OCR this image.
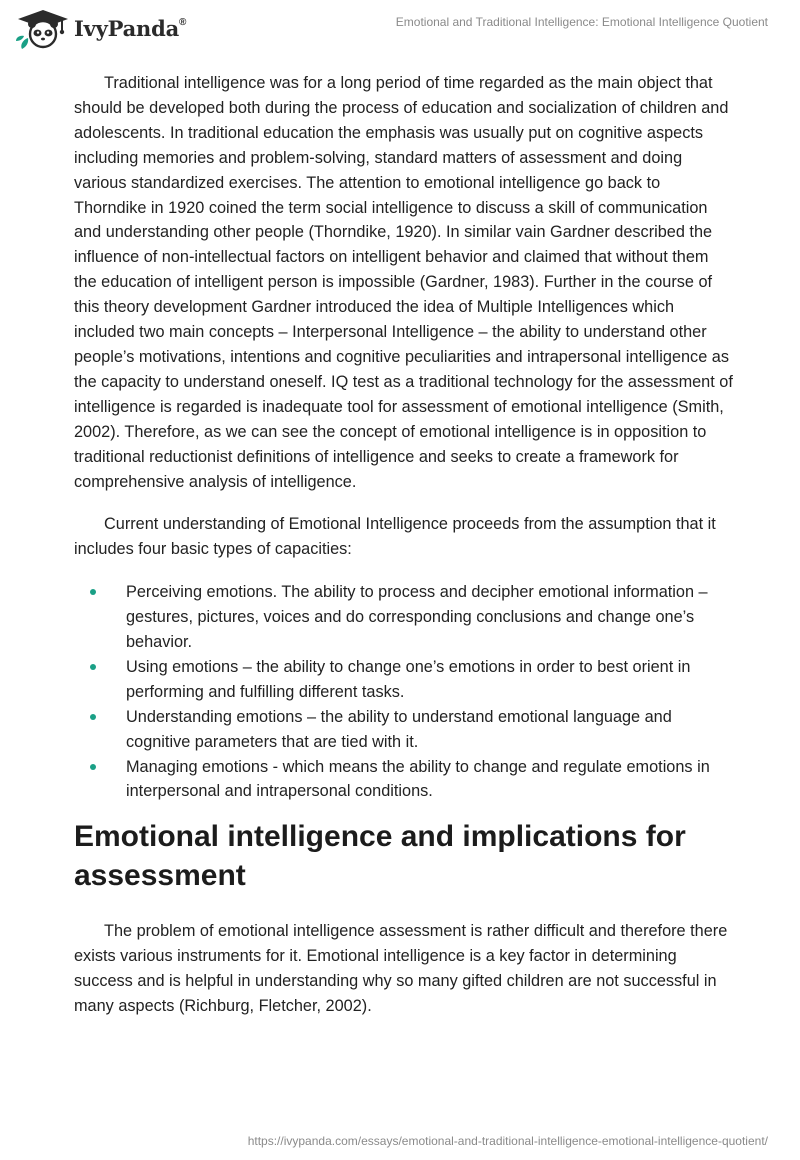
IvyPanda®	Emotional and Traditional Intelligence: Emotional Intelligence Quotient

Traditional intelligence was for a long period of time regarded as the main object that should be developed both during the process of education and socialization of children and adolescents. In traditional education the emphasis was usually put on cognitive aspects including memories and problem-solving, standard matters of assessment and doing various standardized exercises. The attention to emotional intelligence go back to Thorndike in 1920 coined the term social intelligence to discuss a skill of communication and understanding other people (Thorndike, 1920). In similar vain Gardner described the influence of non-intellectual factors on intelligent behavior and claimed that without them the education of intelligent person is impossible (Gardner, 1983). Further in the course of this theory development Gardner introduced the idea of Multiple Intelligences which included two main concepts – Interpersonal Intelligence – the ability to understand other people’s motivations, intentions and cognitive peculiarities and intrapersonal intelligence as the capacity to understand oneself. IQ test as a traditional technology for the assessment of intelligence is regarded is inadequate tool for assessment of emotional intelligence (Smith, 2002). Therefore, as we can see the concept of emotional intelligence is in opposition to traditional reductionist definitions of intelligence and seeks to create a framework for comprehensive analysis of intelligence.

Current understanding of Emotional Intelligence proceeds from the assumption that it includes four basic types of capacities:

Perceiving emotions. The ability to process and decipher emotional information – gestures, pictures, voices and do corresponding conclusions and change one’s behavior.
Using emotions – the ability to change one’s emotions in order to best orient in performing and fulfilling different tasks.
Understanding emotions – the ability to understand emotional language and cognitive parameters that are tied with it.
Managing emotions - which means the ability to change and regulate emotions in interpersonal and intrapersonal conditions.
Emotional intelligence and implications for assessment

The problem of emotional intelligence assessment is rather difficult and therefore there exists various instruments for it. Emotional intelligence is a key factor in determining success and is helpful in understanding why so many gifted children are not successful in many aspects (Richburg, Fletcher, 2002).

https://ivypanda.com/essays/emotional-and-traditional-intelligence-emotional-intelligence-quotient/
